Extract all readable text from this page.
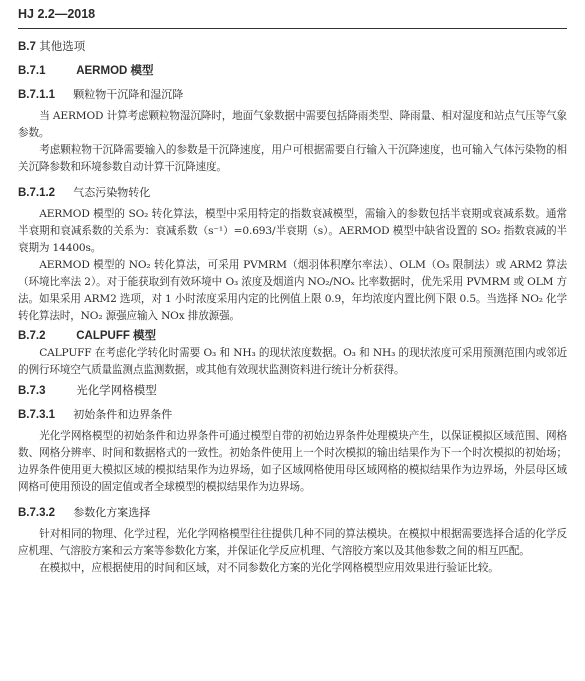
HJ 2.2—2018
B.7 其他选项
B.7.1	AERMOD 模型
B.7.1.1 颗粒物干沉降和湿沉降

当 AERMOD 计算考虑颗粒物湿沉降时，地面气象数据中需要包括降雨类型、降雨量、相对湿度和站点气压等气象参数。

考虑颗粒物干沉降需要输入的参数是干沉降速度，用户可根据需要自行输入干沉降速度，也可输入气体污染物的相关沉降参数和环境参数自动计算干沉降速度。

B.7.1.2 气态污染物转化

AERMOD 模型的 SO₂ 转化算法，模型中采用特定的指数衰减模型，需输入的参数包括半衰期或衰减系数。通常半衰期和衰减系数的关系为：衰减系数（s⁻¹）=0.693/半衰期（s）。AERMOD 模型中缺省设置的 SO₂ 指数衰减的半衰期为 14400s。

AERMOD 模型的 NO₂ 转化算法，可采用 PVMRM（烟羽体积摩尔率法）、OLM（O₃ 限制法）或 ARM2 算法（环境比率法 2）。对于能获取到有效环境中 O₃ 浓度及烟道内 NO₂/NOₓ 比率数据时，优先采用 PVMRM 或 OLM 方法。如果采用 ARM2 选项，对 1 小时浓度采用内定的比例值上限 0.9，年均浓度内置比例下限 0.5。当选择 NO₂ 化学转化算法时，NO₂ 源强应输入 NOx 排放源强。

B.7.2	CALPUFF 模型

CALPUFF 在考虑化学转化时需要 O₃ 和 NH₃ 的现状浓度数据。O₃ 和 NH₃ 的现状浓度可采用预测范围内或邻近的例行环境空气质量监测点监测数据，或其他有效现状监测资料进行统计分析获得。

B.7.3	光化学网格模型
B.7.3.1 初始条件和边界条件

光化学网格模型的初始条件和边界条件可通过模型自带的初始边界条件处理模块产生，以保证模拟区域范围、网格数、网格分辨率、时间和数据格式的一致性。初始条件使用上一个时次模拟的输出结果作为下一个时次模拟的初始场；边界条件使用更大模拟区域的模拟结果作为边界场，如子区域网格使用母区域网格的模拟结果作为边界场，外层母区域网格可使用预设的固定值或者全球模型的模拟结果作为边界场。

B.7.3.2 参数化方案选择

针对相同的物理、化学过程，光化学网格模型往往提供几种不同的算法模块。在模拟中根据需要选择合适的化学反应机理、气溶胶方案和云方案等参数化方案，并保证化学反应机理、气溶胶方案以及其他参数之间的相互匹配。

在模拟中，应根据使用的时间和区域，对不同参数化方案的光化学网格模型应用效果进行验证比较。
